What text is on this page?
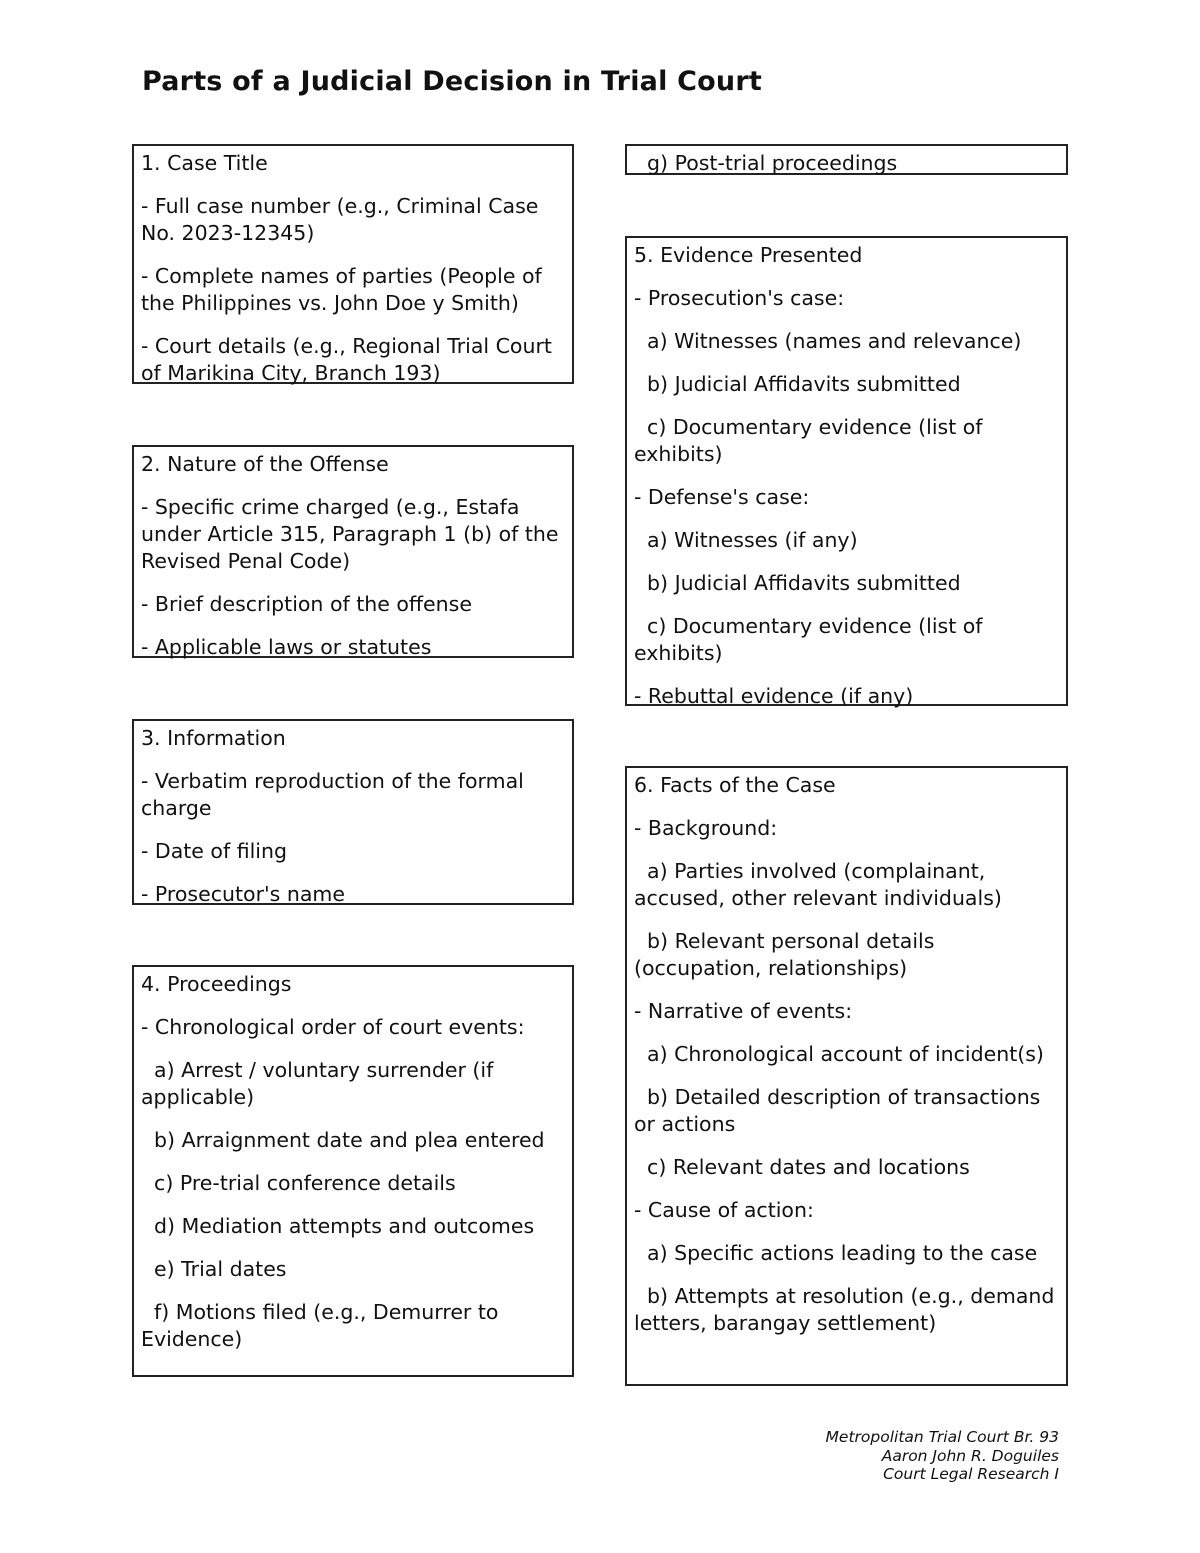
Parts of a Judicial Decision in Trial Court

1. Case Title

- Full case number (e.g., Criminal Case No. 2023-12345)

- Complete names of parties (People of the Philippines vs. John Doe y Smith)

- Court details (e.g., Regional Trial Court of Marikina City, Branch 193)

2. Nature of the Offense

- Specific crime charged (e.g., Estafa under Article 315, Paragraph 1 (b) of the Revised Penal Code)

- Brief description of the offense

- Applicable laws or statutes

3. Information

- Verbatim reproduction of the formal charge

- Date of filing

- Prosecutor's name

4. Proceedings

- Chronological order of court events:

a) Arrest / voluntary surrender (if applicable)

b) Arraignment date and plea entered

c) Pre-trial conference details

d) Mediation attempts and outcomes

e) Trial dates

f) Motions filed (e.g., Demurrer to Evidence)

g) Post-trial proceedings

5. Evidence Presented

- Prosecution's case:

a) Witnesses (names and relevance)

b) Judicial Affidavits submitted

c) Documentary evidence (list of exhibits)

- Defense's case:

a) Witnesses (if any)

b) Judicial Affidavits submitted

c) Documentary evidence (list of exhibits)

- Rebuttal evidence (if any)

6. Facts of the Case

- Background:

a) Parties involved (complainant, accused, other relevant individuals)

b) Relevant personal details (occupation, relationships)

- Narrative of events:

a) Chronological account of incident(s)

b) Detailed description of transactions or actions

c) Relevant dates and locations

- Cause of action:

a) Specific actions leading to the case

b) Attempts at resolution (e.g., demand letters, barangay settlement)

Metropolitan Trial Court Br. 93
Aaron John R. Doguiles
Court Legal Research I
